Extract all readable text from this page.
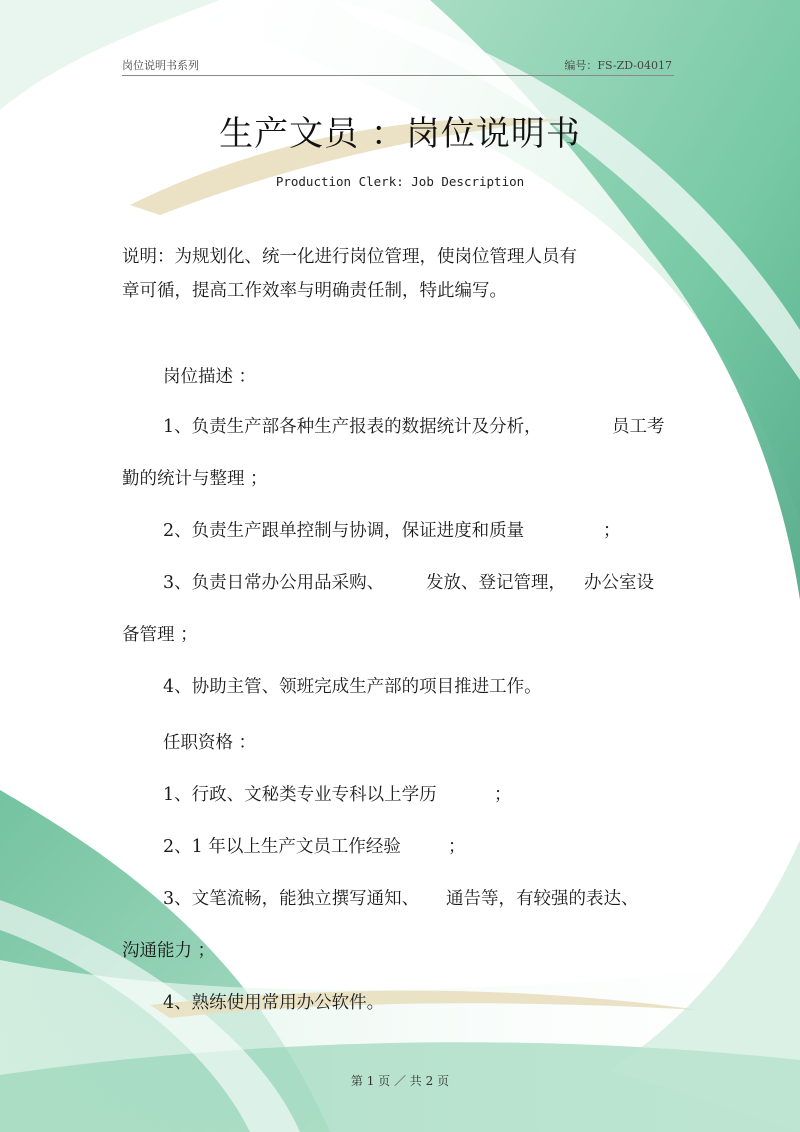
岗位说明书系列	编号：FS-ZD-04017
生产文员 ：岗位说明书
Production Clerk: Job Description
说明：为规划化、统一化进行岗位管理，使岗位管理人员有
章可循，提高工作效率与明确责任制，特此编写。
岗位描述 ：
1、负责生产部各种生产报表的数据统计及分析，	员工考
勤的统计与整理 ；
2、负责生产跟单控制与协调，保证进度和质量	；
3、负责日常办公用品采购、 发放、登记管理， 办公室设
备管理 ；
4、协助主管、领班完成生产部的项目推进工作。
任职资格 ：
1、行政、文秘类专业专科以上学历	；
2、1 年以上生产文员工作经验	；
3、文笔流畅，能独立撰写通知、 通告等，有较强的表达、
沟通能力 ；
4、熟练使用常用办公软件。
第 1 页 ／ 共 2 页
